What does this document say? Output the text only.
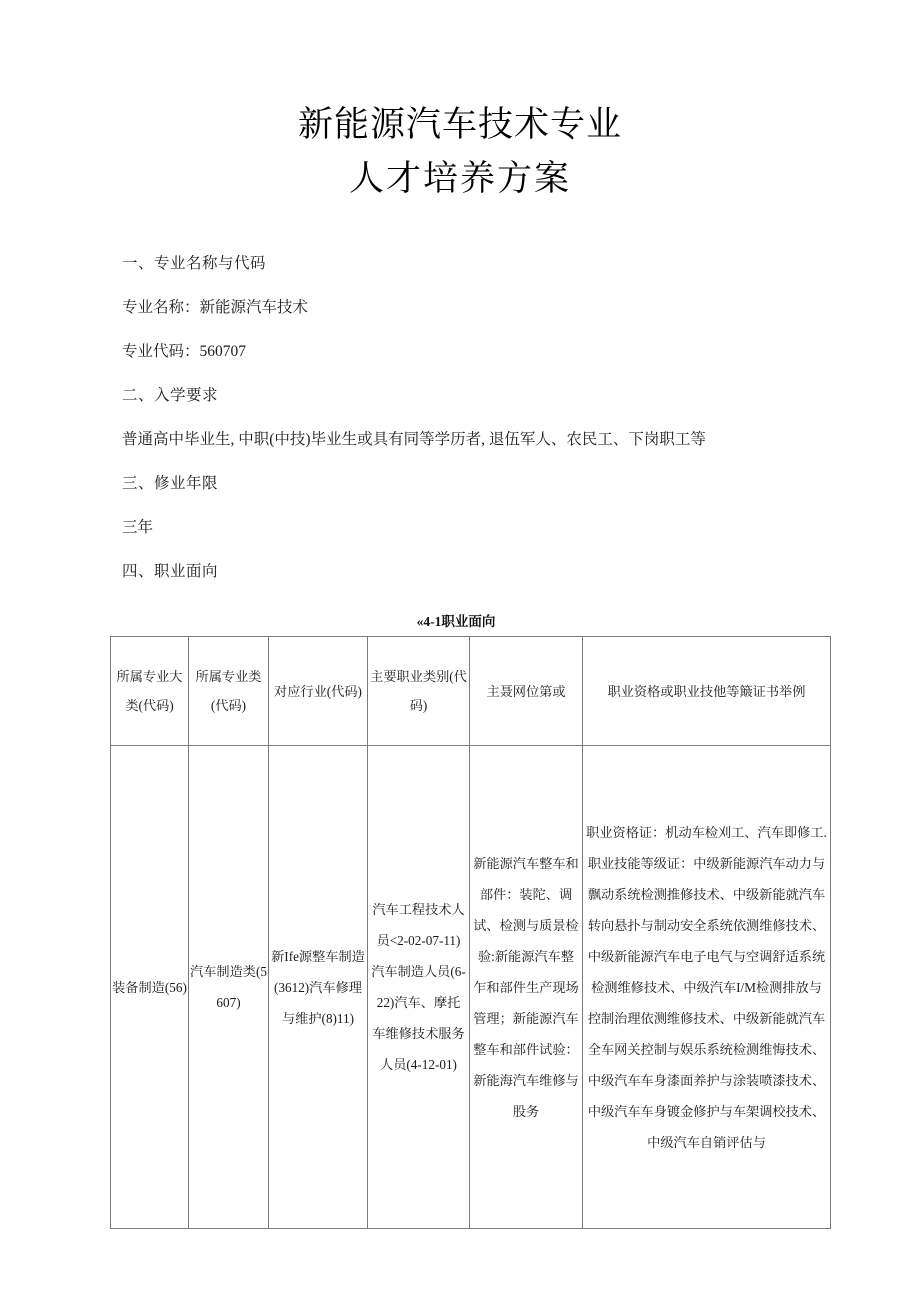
新能源汽车技术专业
人才培养方案

一、专业名称与代码

专业名称：新能源汽车技术

专业代码：560707

二、入学要求

普通高中毕业生, 中职(中技)毕业生或具有同等学历者, 退伍军人、农民工、下岗职工等

三、修业年限

三年

四、职业面向

«4-1职业面向
所属专业大类(代码)	所属专业类(代码)	对应行业(代码)	主要职业类别(代码)	主聂网位第或	职业资格或职业技他等簸证书举例
装备制造(56)	汽车制造类(5607)	新Ife源整车制造(3612)汽车修理与维护(8)11)	汽车工程技术人员<2-02-07-11)汽车制造人员(6-22)汽车、摩托车维修技术服务人员(4-12-01)	新能源汽车整车和部件：装陀、调试、检测与质景检验:新能源汽车整乍和部件生产现场管理；新能源汽车整车和部件试验：新能海汽车维修与股务	职业资格证：机动车检刈工、汽车即修工.职业技能等级证：中级新能源汽车动力与飘动系统检测推修技术、中级新能就汽车转向悬扑与制动安全系统依测维修技术、中级新能源汽车电子电气与空调舒适系统检测维修技术、中级汽车I/M检测排放与控制治理依测维修技术、中级新能就汽车全车网关控制与娱乐系统检测维悔技术、中级汽车车身漆面养护与涂装喷漆技术、中级汽车车身镀金修护与车架调校技术、中级汽车自销评估与
